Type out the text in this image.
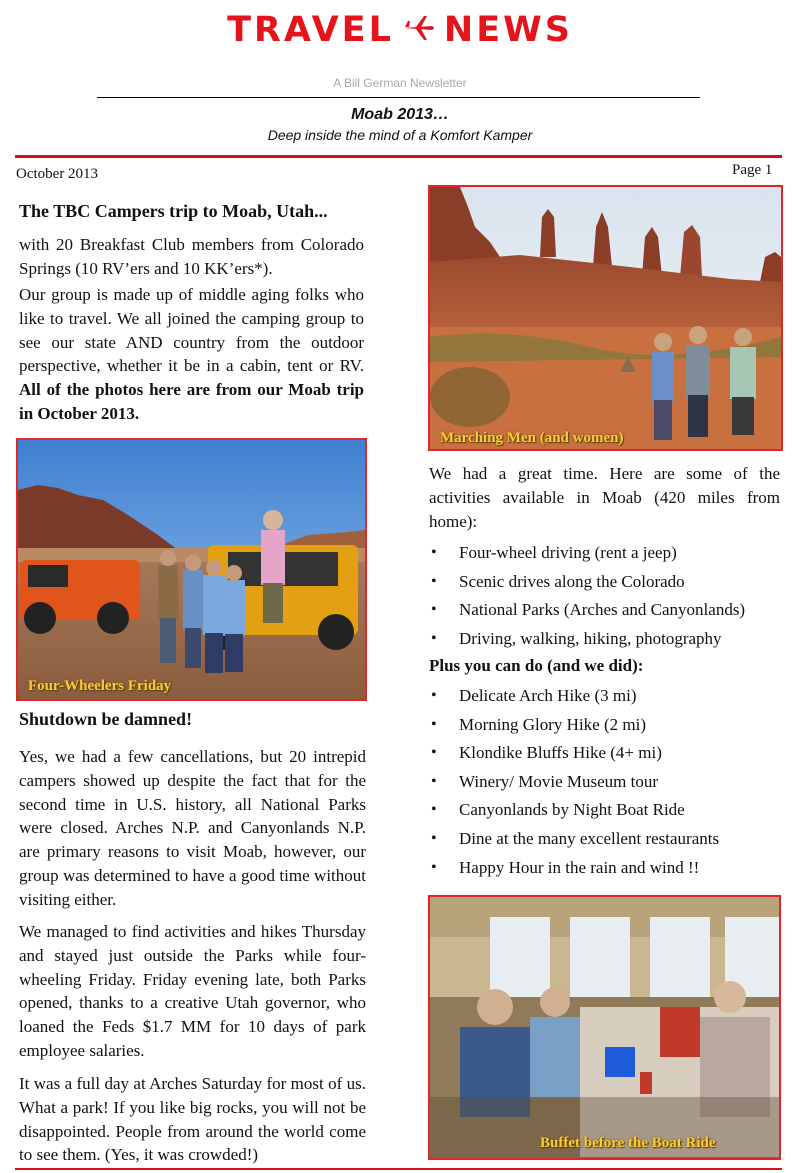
TRAVEL NEWS
A Bill German Newsletter
Moab 2013…
Deep inside the mind of a Komfort Kamper
October 2013	Page 1
The TBC Campers trip to Moab, Utah...

with 20 Breakfast Club members from Colorado Springs (10 RV’ers and 10 KK’ers*).

Our group is made up of middle aging folks who like to travel. We all joined the camping group to see our state AND country from the outdoor perspective, whether it be in a cabin, tent or RV. All of the photos here are from our Moab trip in October 2013.

Four-Wheelers Friday
Shutdown be damned!

Yes, we had a few cancellations, but 20 intrepid campers showed up despite the fact that for the second time in U.S. history, all National Parks were closed. Arches N.P. and Canyonlands N.P. are primary reasons to visit Moab, however, our group was determined to have a good time without visiting either.

We managed to find activities and hikes Thursday and stayed just outside the Parks while four-wheeling Friday. Friday evening late, both Parks opened, thanks to a creative Utah governor, who loaned the Feds $1.7 MM for 10 days of park employee salaries.

It was a full day at Arches Saturday for most of us. What a park! If you like big rocks, you will not be disappointed. People from around the world come to see them. (Yes, it was crowded!)

Marching Men (and women)

We had a great time. Here are some of the activities available in Moab (420 miles from home):

• Four-wheel driving (rent a jeep)
• Scenic drives along the Colorado
• National Parks (Arches and Canyonlands)
• Driving, walking, hiking, photography
Plus you can do (and we did):
• Delicate Arch Hike (3 mi)
• Morning Glory Hike (2 mi)
• Klondike Bluffs Hike (4+ mi)
• Winery/ Movie Museum tour
• Canyonlands by Night Boat Ride
• Dine at the many excellent restaurants
• Happy Hour in the rain and wind !!
Buffet before the Boat Ride
